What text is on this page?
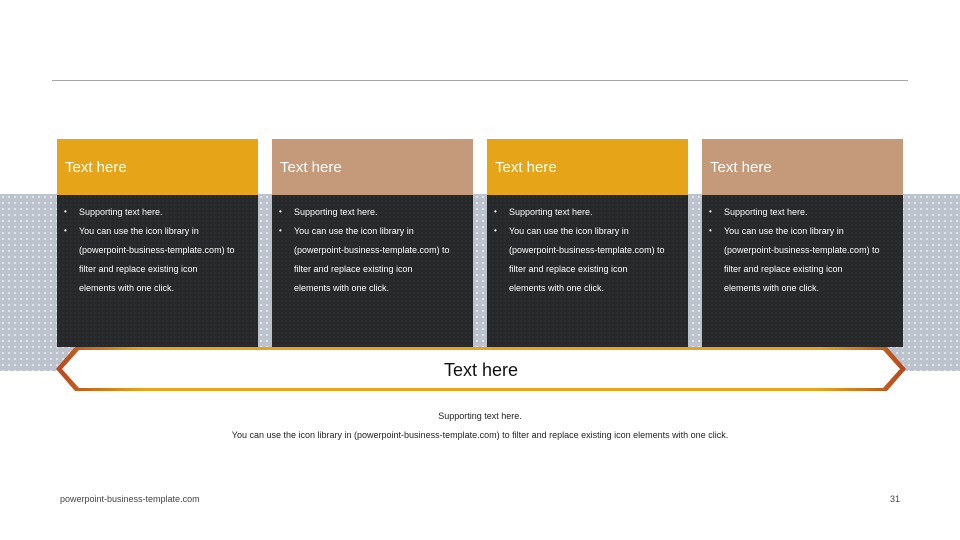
Text here
•	Supporting text here.
•	You can use the icon library in
(powerpoint-business-template.com) to
filter and replace existing icon
elements with one click.
Text here
•	Supporting text here.
•	You can use the icon library in
(powerpoint-business-template.com) to
filter and replace existing icon
elements with one click.
Text here
•	Supporting text here.
•	You can use the icon library in
(powerpoint-business-template.com) to
filter and replace existing icon
elements with one click.
Text here
•	Supporting text here.
•	You can use the icon library in
(powerpoint-business-template.com) to
filter and replace existing icon
elements with one click.
Text here
Supporting text here.
You can use the icon library in (powerpoint-business-template.com) to filter and replace existing icon elements with one click.
powerpoint-business-template.com	31
